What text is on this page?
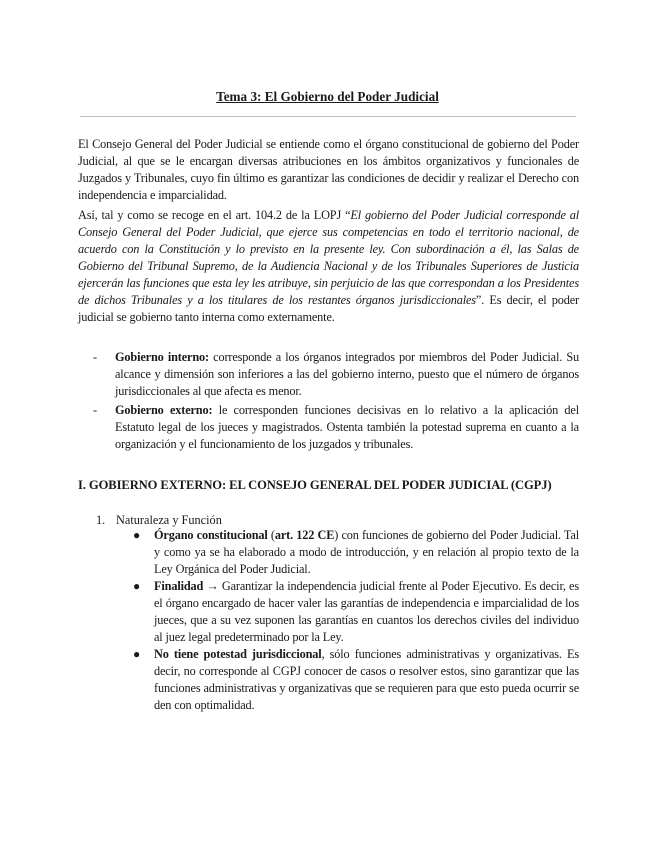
Tema 3: El Gobierno del Poder Judicial

El Consejo General del Poder Judicial se entiende como el órgano constitucional de gobierno del Poder Judicial, al que se le encargan diversas atribuciones en los ámbitos organizativos y funcionales de Juzgados y Tribunales, cuyo fin último es garantizar las condiciones de decidir y realizar el Derecho con independencia e imparcialidad.

Así, tal y como se recoge en el art. 104.2 de la LOPJ “El gobierno del Poder Judicial corresponde al Consejo General del Poder Judicial, que ejerce sus competencias en todo el territorio nacional, de acuerdo con la Constitución y lo previsto en la presente ley. Con subordinación a él, las Salas de Gobierno del Tribunal Supremo, de la Audiencia Nacional y de los Tribunales Superiores de Justicia ejercerán las funciones que esta ley les atribuye, sin perjuicio de las que correspondan a los Presidentes de dichos Tribunales y a los titulares de los restantes órganos jurisdiccionales”. Es decir, el poder judicial se gobierno tanto interna como externamente.

- Gobierno interno: corresponde a los órganos integrados por miembros del Poder Judicial. Su alcance y dimensión son inferiores a las del gobierno interno, puesto que el número de órganos jurisdiccionales al que afecta es menor.

- Gobierno externo: le corresponden funciones decisivas en lo relativo a la aplicación del Estatuto legal de los jueces y magistrados. Ostenta también la potestad suprema en cuanto a la organización y el funcionamiento de los juzgados y tribunales.

I. GOBIERNO EXTERNO: EL CONSEJO GENERAL DEL PODER JUDICIAL (CGPJ)
1. Naturaleza y Función

● Órgano constitucional (art. 122 CE) con funciones de gobierno del Poder Judicial. Tal y como ya se ha elaborado a modo de introducción, y en relación al propio texto de la Ley Orgánica del Poder Judicial.

● Finalidad → Garantizar la independencia judicial frente al Poder Ejecutivo. Es decir, es el órgano encargado de hacer valer las garantías de independencia e imparcialidad de los jueces, que a su vez suponen las garantías en cuantos los derechos civiles del individuo al juez legal predeterminado por la Ley.

● No tiene potestad jurisdiccional, sólo funciones administrativas y organizativas. Es decir, no corresponde al CGPJ conocer de casos o resolver estos, sino garantizar que las funciones administrativas y organizativas que se requieren para que esto pueda ocurrir se den con optimalidad.
